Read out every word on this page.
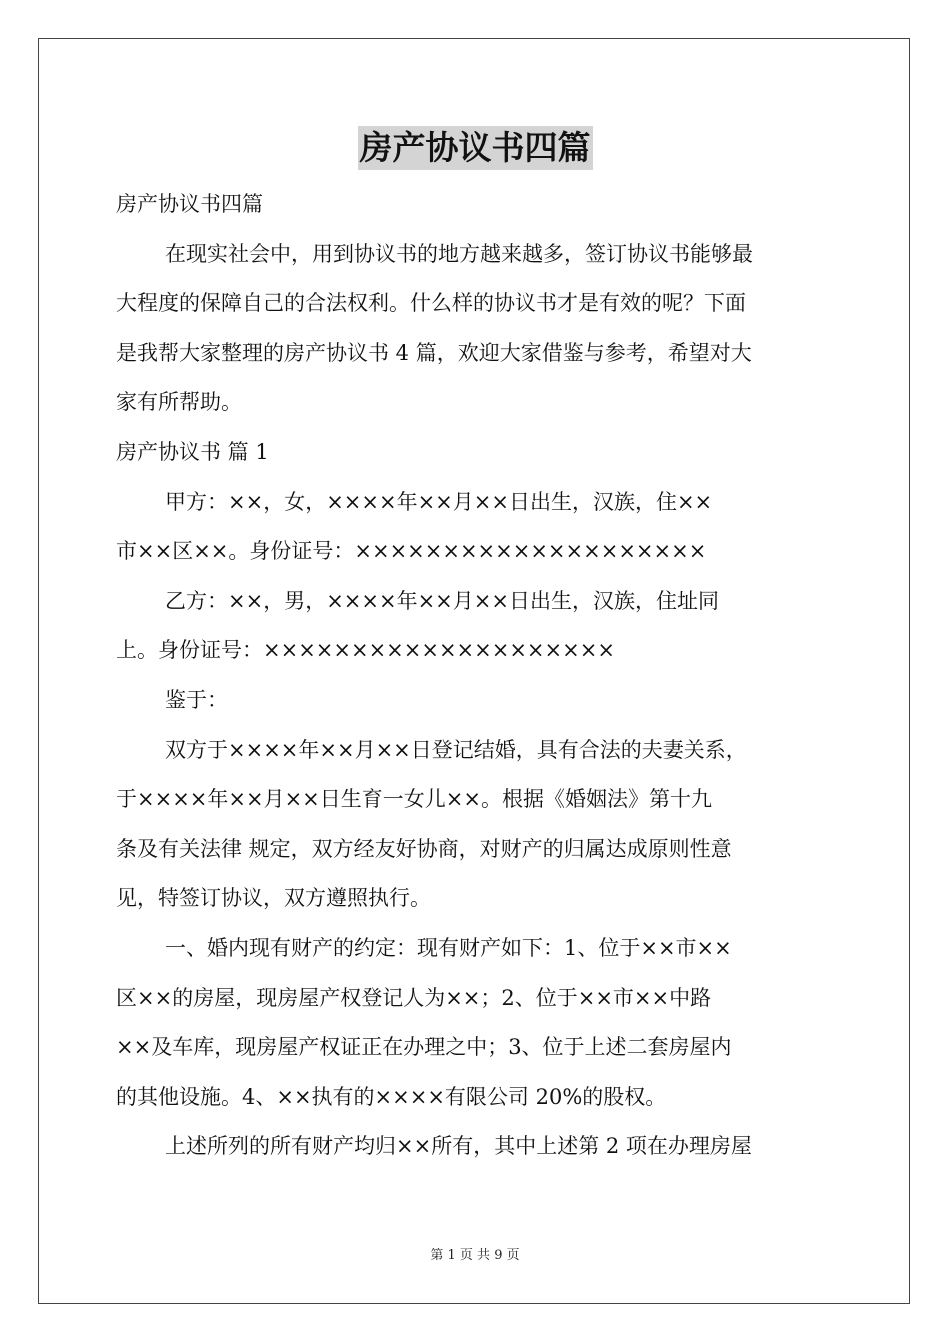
房产协议书四篇
房产协议书四篇
在现实社会中，用到协议书的地方越来越多，签订协议书能够最
大程度的保障自己的合法权利。什么样的协议书才是有效的呢？下面
是我帮大家整理的房产协议书 4 篇，欢迎大家借鉴与参考，希望对大
家有所帮助。
房产协议书 篇 1
甲方：××，女，××××年××月××日出生，汉族，住××
市××区××。身份证号：××××××××××××××××××××
乙方：××，男，××××年××月××日出生，汉族，住址同
上。身份证号：××××××××××××××××××××
鉴于：
双方于××××年××月××日登记结婚，具有合法的夫妻关系，
于××××年××月××日生育一女儿××。根据《婚姻法》第十九
条及有关法律 规定，双方经友好协商，对财产的归属达成原则性意
见，特签订协议，双方遵照执行。
一、婚内现有财产的约定：现有财产如下：1、位于××市××
区××的房屋，现房屋产权登记人为××；2、位于××市××中路
××及车库，现房屋产权证正在办理之中；3、位于上述二套房屋内
的其他设施。4、××执有的××××有限公司 20%的股权。
上述所列的所有财产均归××所有，其中上述第 2 项在办理房屋
第 1 页 共 9 页
